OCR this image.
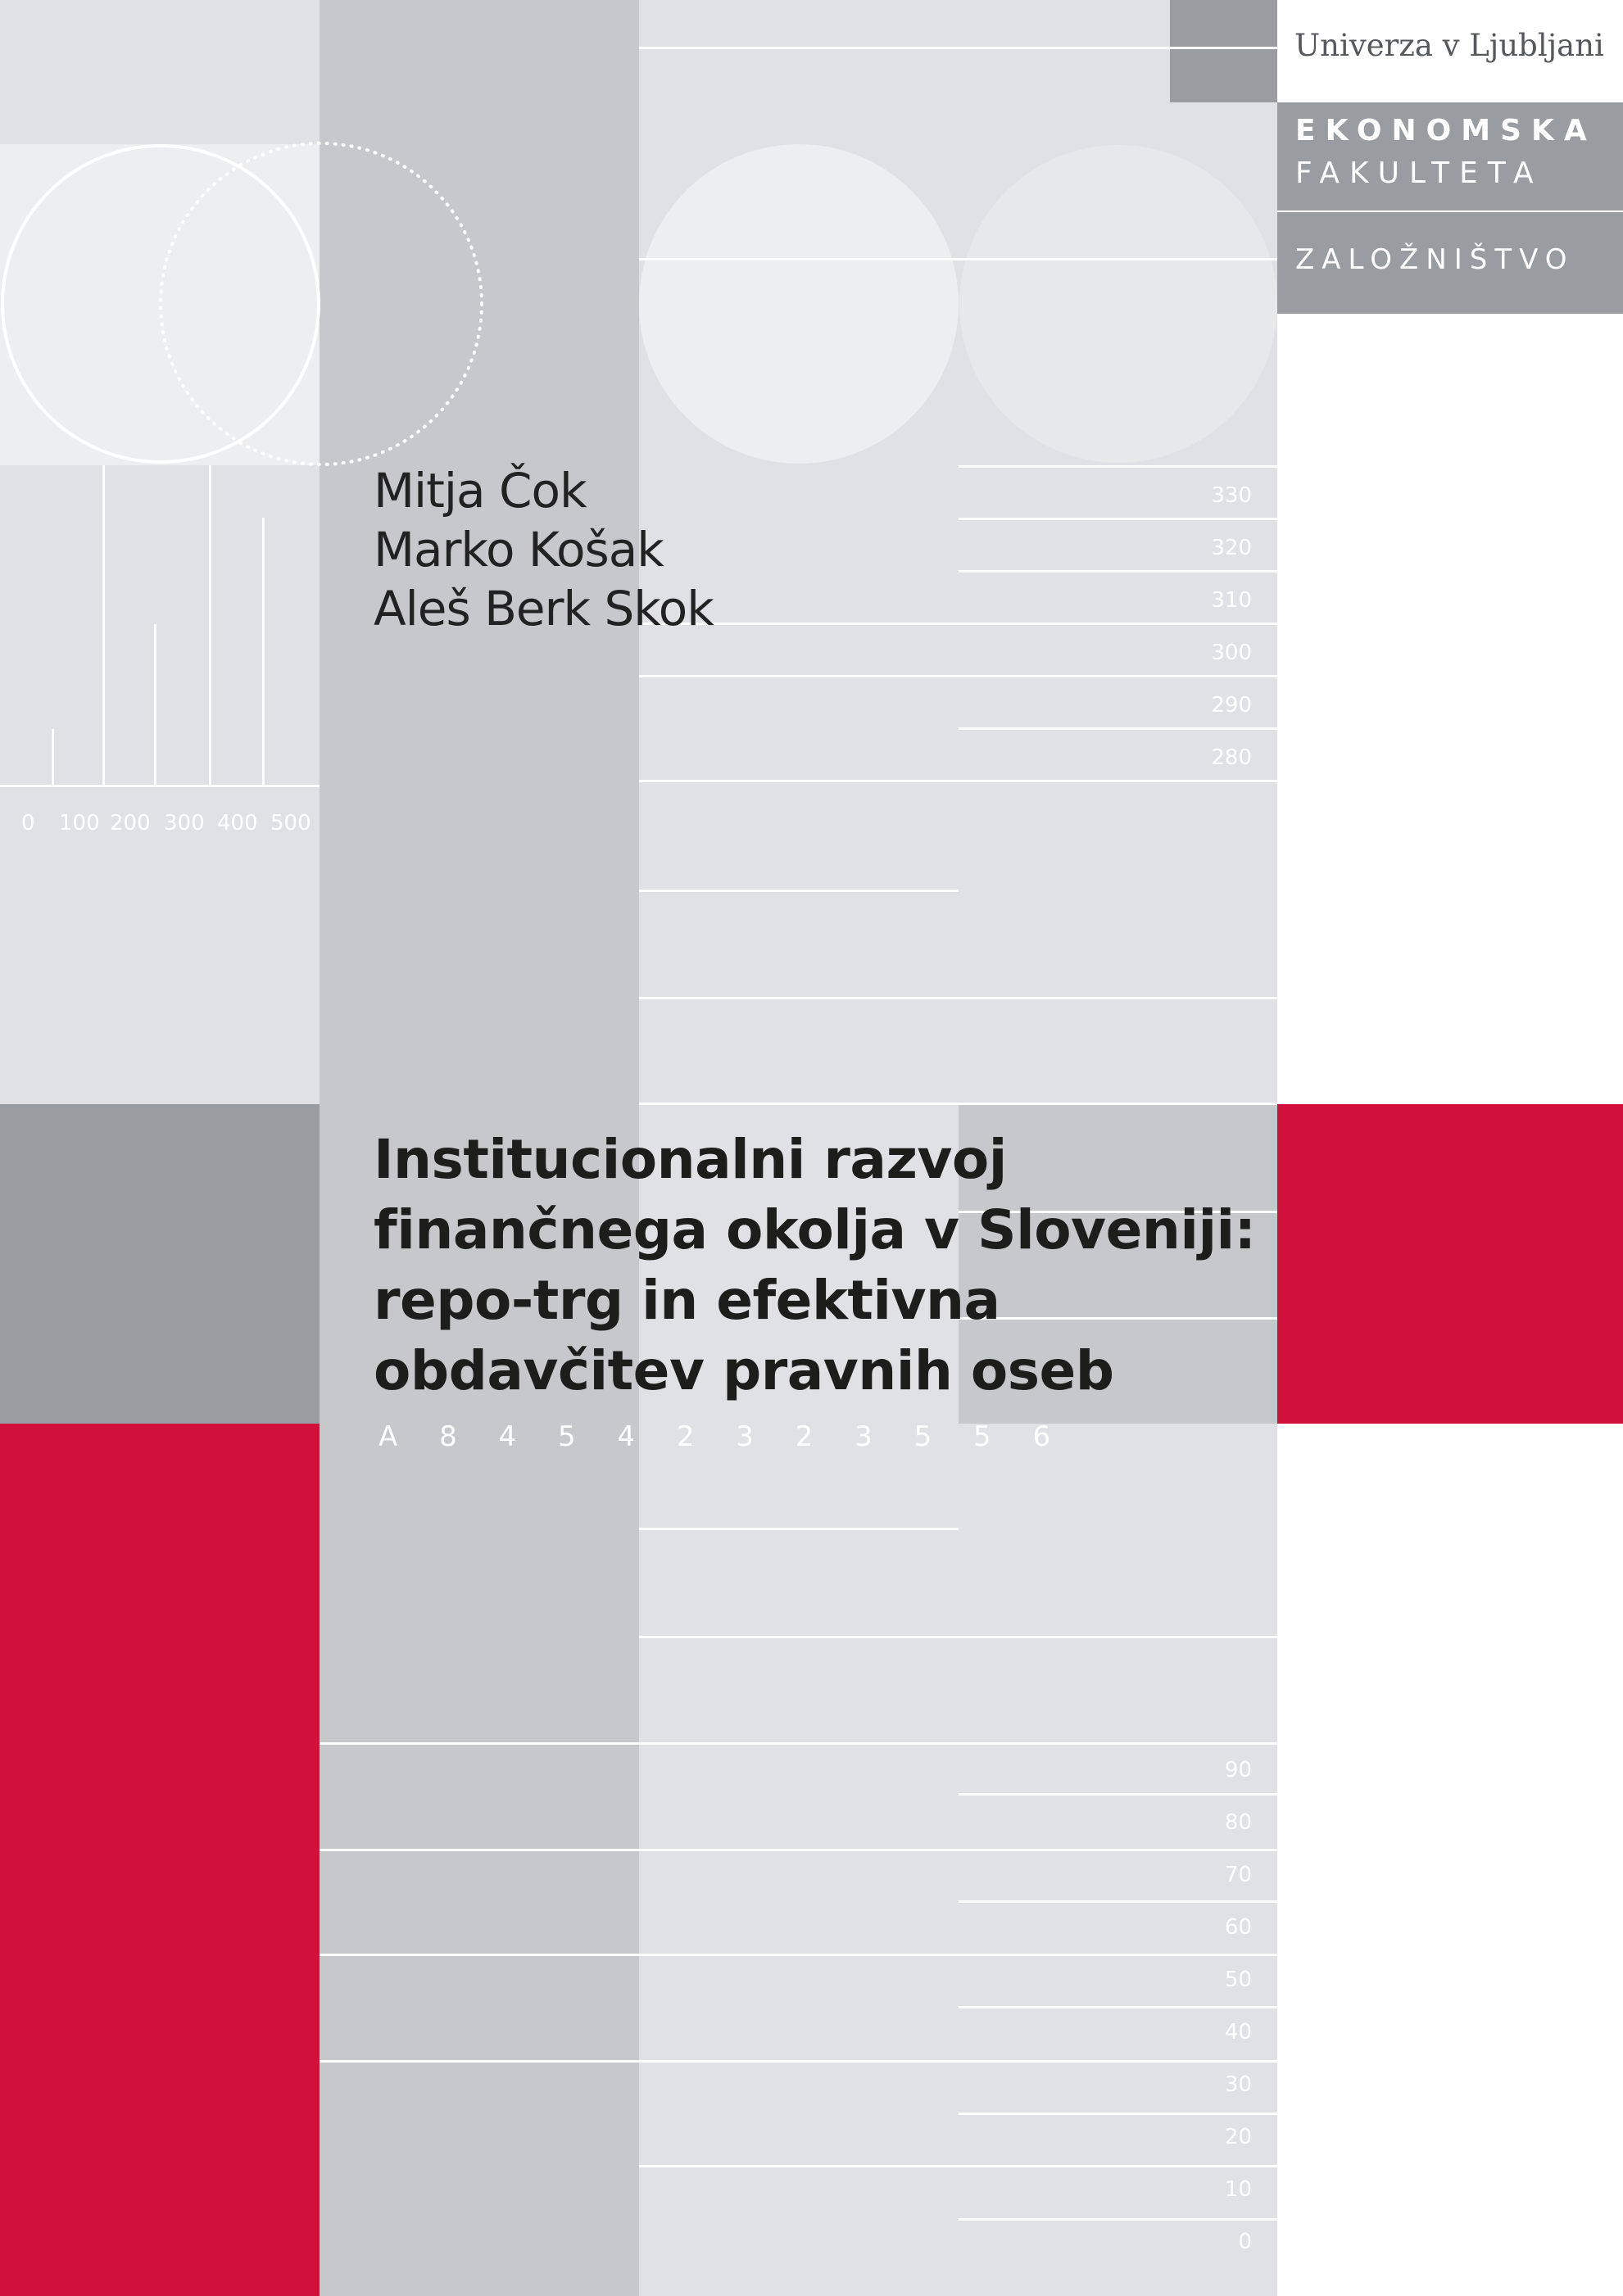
Univerza v Ljubljani
EKONOMSKA
FAKULTETA
ZALOŽNIŠTVO
0 100 200 300 400 500
330
320
310
300
290
280
90
80
70
60
50
40
30
20
10
0
Mitja Čok
Marko Košak
Aleš Berk Skok
Institucionalni razvoj
finančnega okolja v Sloveniji:
repo-trg in efektivna
obdavčitev pravnih oseb
A 8 4 5 4 2 3 2 3 5 5 6
